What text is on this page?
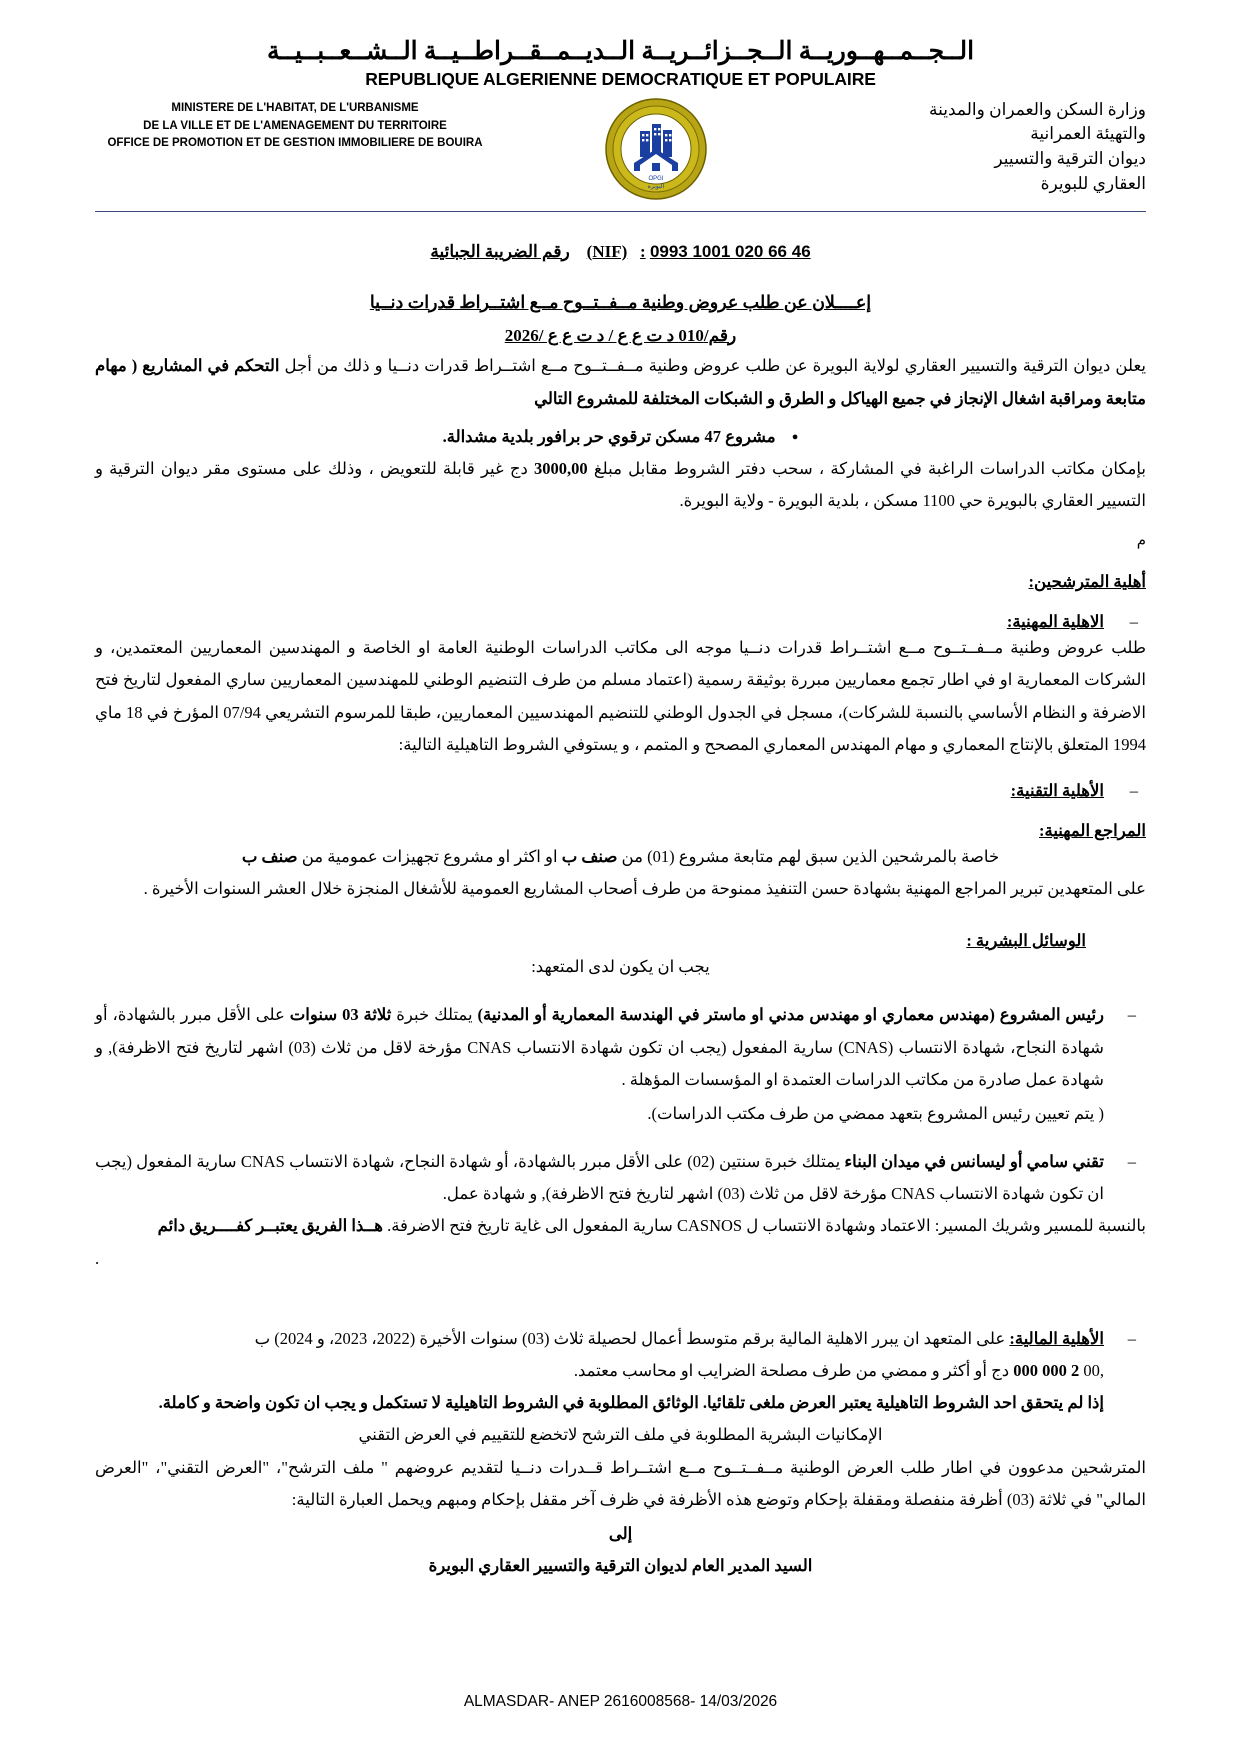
الــجــمــهــوريــة الــجــزائــريــة الــديــمــقــراطــيــة الــشــعــبــيــة
REPUBLIQUE ALGERIENNE DEMOCRATIQUE ET POPULAIRE
MINISTERE DE L'HABITAT, DE L'URBANISME
DE LA VILLE ET DE L'AMENAGEMENT DU TERRITOIRE
OFFICE DE PROMOTION ET DE GESTION IMMOBILIERE DE BOUIRA
OPGI
البويرة
وزارة السكن والعمران والمدينة
والتهيئة العمرانية
ديوان الترقية والتسيير
العقاري للبويرة
0993 1001 020 66 46 :   (NIF)    رقم الضريبة الجبائية
إعــــلان عن طلب عروض وطنية مــفــتــوح مــع اشتــراط قدرات دنــيا
رقم/010 د ت ع ع / د ت ع ع /2026

يعلن ديوان الترقية والتسيير العقاري لولاية البويرة عن طلب عروض وطنية مــفــتــوح مــع اشتــراط قدرات دنــيا و ذلك من أجل التحكم في المشاريع ( مهام متابعة ومراقبة اشغال الإنجاز في جميع الهياكل و الطرق و الشبكات المختلفة للمشروع التالي

● مشروع 47 مسكن ترقوي حر برافور بلدية مشدالة.

بإمكان مكاتب الدراسات الراغبة في المشاركة ، سحب دفتر الشروط مقابل مبلغ 3000,00 دج غير قابلة للتعويض ، وذلك على مستوى مقر ديوان الترقية و التسيير العقاري بالبويرة حي 1100 مسكن ، بلدية البويرة - ولاية البويرة.

م
أهلية المترشحين:
–
الاهلية المهنية:

طلب عروض وطنية مــفــتــوح مــع اشتــراط قدرات دنــيا موجه الى مكاتب الدراسات الوطنية العامة او الخاصة و المهندسين المعماريين المعتمدين، و الشركات المعمارية او في اطار تجمع معماريين مبررة بوثيقة رسمية (اعتماد مسلم من طرف التنضيم الوطني للمهندسين المعماريين ساري المفعول لتاريخ فتح الاضرفة و النظام الأساسي بالنسبة للشركات)، مسجل في الجدول الوطني للتنضيم المهندسيين المعماريين، طبقا للمرسوم التشريعي 07/94 المؤرخ في 18 ماي 1994 المتعلق بالإنتاج المعماري و مهام المهندس المعماري المصحح و المتمم ، و يستوفي الشروط التاهيلية التالية:

–
الأهلية التقنية:
المراجع المهنية:

خاصة بالمرشحين الذين سبق لهم متابعة مشروع (01) من صنف ب او اكثر او مشروع تجهيزات عمومية من صنف ب

على المتعهدين تبرير المراجع المهنية بشهادة حسن التنفيذ ممنوحة من طرف أصحاب المشاريع العمومية للأشغال المنجزة خلال العشر السنوات الأخيرة .

الوسائل البشرية :

يجب ان يكون لدى المتعهد:

– رئيس المشروع (مهندس معماري او مهندس مدني او ماستر في الهندسة المعمارية أو المدنية) يمتلك خبرة ثلاثة 03 سنوات على الأقل مبرر بالشهادة، أو شهادة النجاح، شهادة الانتساب (CNAS) سارية المفعول (يجب ان تكون شهادة الانتساب CNAS مؤرخة لاقل من ثلاث (03) اشهر لتاريخ فتح الاظرفة), و شهادة عمل صادرة من مكاتب الدراسات العتمدة او المؤسسات المؤهلة .
( يتم تعيين رئيس المشروع بتعهد ممضي من طرف مكتب الدراسات).
– تقني سامي أو ليسانس في ميدان البناء يمتلك خبرة سنتين (02) على الأقل مبرر بالشهادة، أو شهادة النجاح، شهادة الانتساب CNAS سارية المفعول (يجب ان تكون شهادة الانتساب CNAS مؤرخة لاقل من ثلاث (03) اشهر لتاريخ فتح الاظرفة), و شهادة عمل.

بالنسبة للمسير وشريك المسير: الاعتماد وشهادة الانتساب ل CASNOS سارية المفعول الى غاية تاريخ فتح الاضرفة. هــذا الفريق يعتبــر كفــــريق دائم

.

– الأهلية المالية: على المتعهد ان يبرر الاهلية المالية برقم متوسط أعمال لحصيلة ثلاث (03) سنوات الأخيرة (2022، 2023، و 2024) ب
,00 2 000 000 دج أو أكثر و ممضي من طرف مصلحة الضرايب او محاسب معتمد.
إذا لم يتحقق احد الشروط التاهيلية يعتبر العرض ملغى تلقائيا. الوثائق المطلوبة في الشروط التاهيلية لا تستكمل و يجب ان تكون واضحة و كاملة.

الإمكانيات البشرية المطلوبة في ملف الترشح لاتخضع للتقييم في العرض التقني

المترشحين مدعوون في اطار طلب العرض الوطنية مــفــتــوح مــع اشتــراط قــدرات دنــيا لتقديم عروضهم " ملف الترشح"، "العرض التقني"، "العرض المالي" في ثلاثة (03) أظرفة منفصلة ومقفلة بإحكام وتوضع هذه الأظرفة في ظرف آخر مقفل بإحكام ومبهم ويحمل العبارة التالية:

إلى

السيد المدير العام لديوان الترقية والتسيير العقاري البويرة

ALMASDAR- ANEP 2616008568- 14/03/2026
